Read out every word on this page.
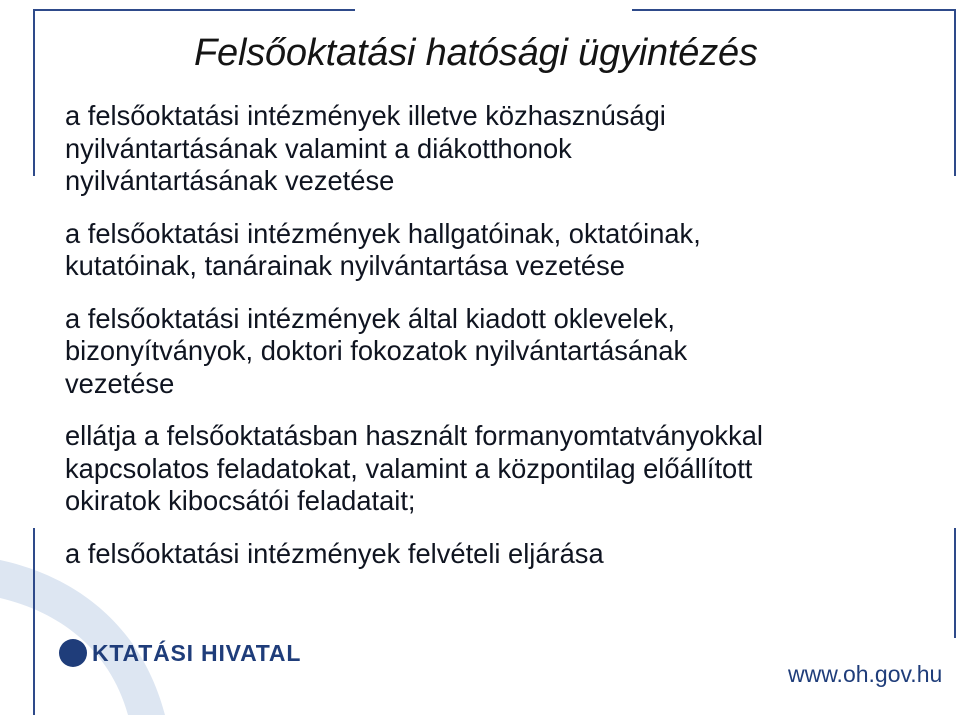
Felsőoktatási hatósági ügyintézés

a felsőoktatási intézmények illetve közhasznúsági
nyilvántartásának valamint a diákotthonok
nyilvántartásának vezetése

a felsőoktatási intézmények hallgatóinak, oktatóinak,
kutatóinak, tanárainak nyilvántartása vezetése

a felsőoktatási intézmények által kiadott oklevelek,
bizonyítványok, doktori fokozatok nyilvántartásának
vezetése

ellátja a felsőoktatásban használt formanyomtatványokkal
kapcsolatos feladatokat, valamint a központilag előállított
okiratok kibocsátói feladatait;

a felsőoktatási intézmények felvételi eljárása

KTATÁSI HIVATAL
www.oh.gov.hu
